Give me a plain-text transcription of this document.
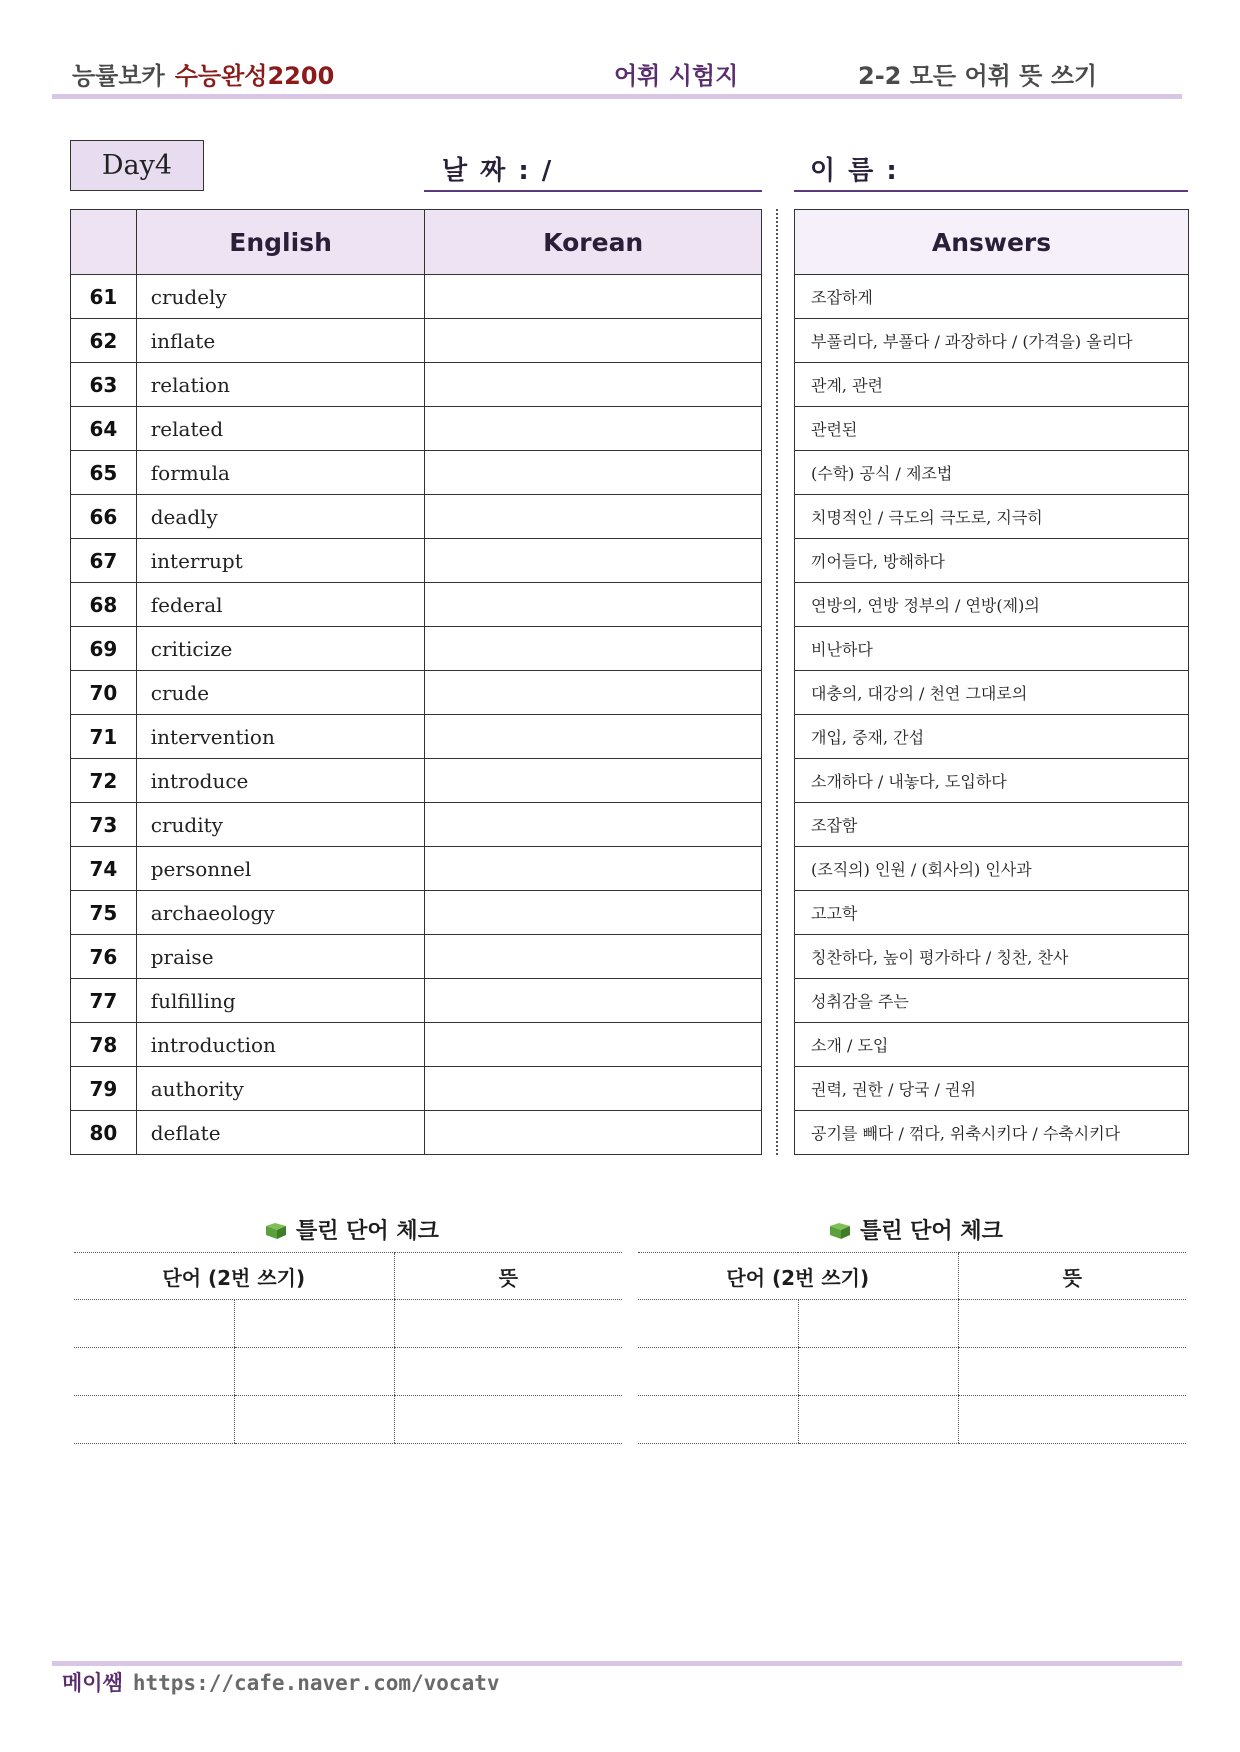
능률보카 수능완성2200	어휘 시험지	2-2 모든 어휘 뜻 쓰기
Day4	날 짜 : /	이 름 :
	English	Korean
61	crudely	
62	inflate	
63	relation	
64	related	
65	formula	
66	deadly	
67	interrupt	
68	federal	
69	criticize	
70	crude	
71	intervention	
72	introduce	
73	crudity	
74	personnel	
75	archaeology	
76	praise	
77	fulfilling	
78	introduction	
79	authority	
80	deflate	
Answers
조잡하게
부풀리다, 부풀다 / 과장하다 / (가격을) 올리다
관계, 관련
관련된
(수학) 공식 / 제조법
치명적인 / 극도의 극도로, 지극히
끼어들다, 방해하다
연방의, 연방 정부의 / 연방(제)의
비난하다
대충의, 대강의 / 천연 그대로의
개입, 중재, 간섭
소개하다 / 내놓다, 도입하다
조잡함
(조직의) 인원 / (회사의) 인사과
고고학
칭찬하다, 높이 평가하다 / 칭찬, 찬사
성취감을 주는
소개 / 도입
권력, 권한 / 당국 / 권위
공기를 빼다 / 꺾다, 위축시키다 / 수축시키다
틀린 단어 체크
단어 (2번 쓰기)		뜻

틀린 단어 체크
단어 (2번 쓰기)		뜻

메이쌤 https://cafe.naver.com/vocatv
